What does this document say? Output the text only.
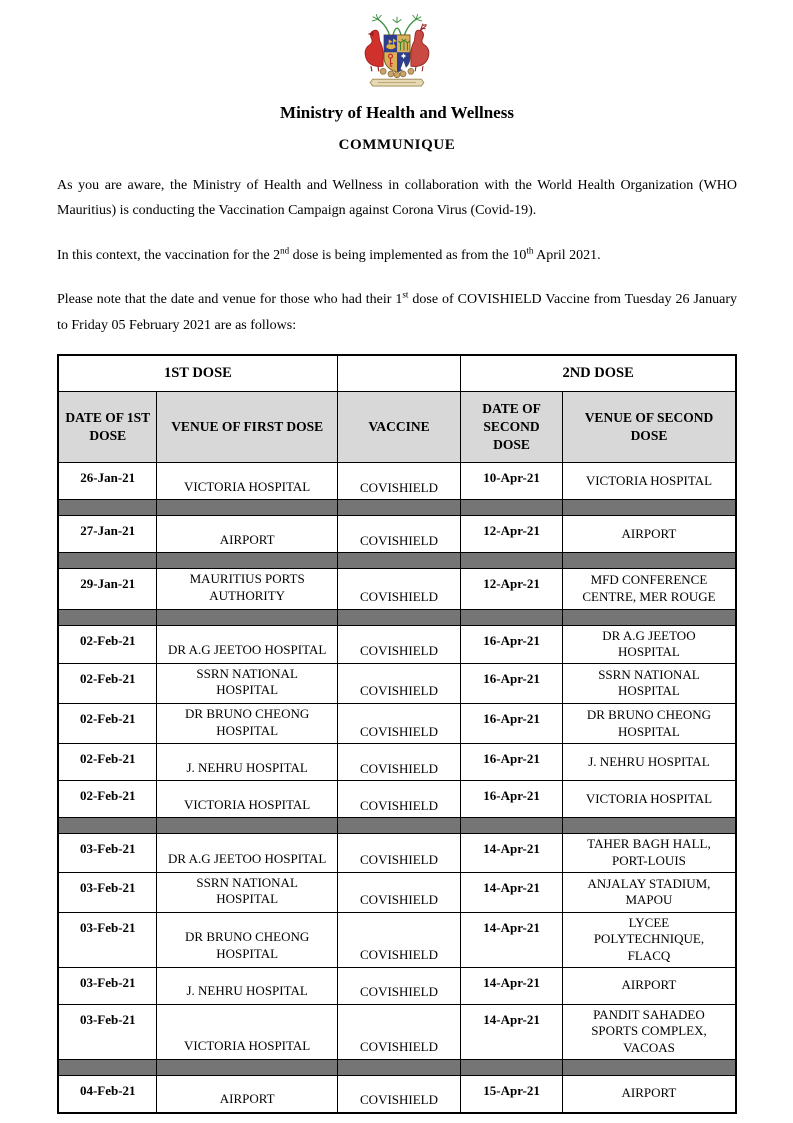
Ministry of Health and Wellness
COMMUNIQUE

As you are aware, the Ministry of Health and Wellness in collaboration with the World Health Organization (WHO Mauritius) is conducting the Vaccination Campaign against Corona Virus (Covid-19).

In this context, the vaccination for the 2nd dose is being implemented as from the 10th April 2021.

Please note that the date and venue for those who had their 1st dose of COVISHIELD Vaccine from Tuesday 26 January to Friday 05 February 2021 are as follows:

1ST DOSE			2ND DOSE	
DATE OF 1ST DOSE	VENUE OF FIRST DOSE	VACCINE	DATE OF SECOND DOSE	VENUE OF SECOND DOSE
26-Jan-21	VICTORIA HOSPITAL	COVISHIELD	10-Apr-21	VICTORIA HOSPITAL

27-Jan-21	AIRPORT	COVISHIELD	12-Apr-21	AIRPORT

29-Jan-21	MAURITIUS PORTS AUTHORITY	COVISHIELD	12-Apr-21	MFD CONFERENCE CENTRE, MER ROUGE

02-Feb-21	DR A.G JEETOO HOSPITAL	COVISHIELD	16-Apr-21	DR A.G JEETOO HOSPITAL
02-Feb-21	SSRN NATIONAL HOSPITAL	COVISHIELD	16-Apr-21	SSRN NATIONAL HOSPITAL
02-Feb-21	DR BRUNO CHEONG HOSPITAL	COVISHIELD	16-Apr-21	DR BRUNO CHEONG HOSPITAL
02-Feb-21	J. NEHRU HOSPITAL	COVISHIELD	16-Apr-21	J. NEHRU HOSPITAL
02-Feb-21	VICTORIA HOSPITAL	COVISHIELD	16-Apr-21	VICTORIA HOSPITAL

03-Feb-21	DR A.G JEETOO HOSPITAL	COVISHIELD	14-Apr-21	TAHER BAGH HALL, PORT-LOUIS
03-Feb-21	SSRN NATIONAL HOSPITAL	COVISHIELD	14-Apr-21	ANJALAY STADIUM, MAPOU
03-Feb-21	DR BRUNO CHEONG HOSPITAL	COVISHIELD	14-Apr-21	LYCEE POLYTECHNIQUE, FLACQ
03-Feb-21	J. NEHRU HOSPITAL	COVISHIELD	14-Apr-21	AIRPORT
03-Feb-21	VICTORIA HOSPITAL	COVISHIELD	14-Apr-21	PANDIT SAHADEO SPORTS COMPLEX, VACOAS

04-Feb-21	AIRPORT	COVISHIELD	15-Apr-21	AIRPORT
